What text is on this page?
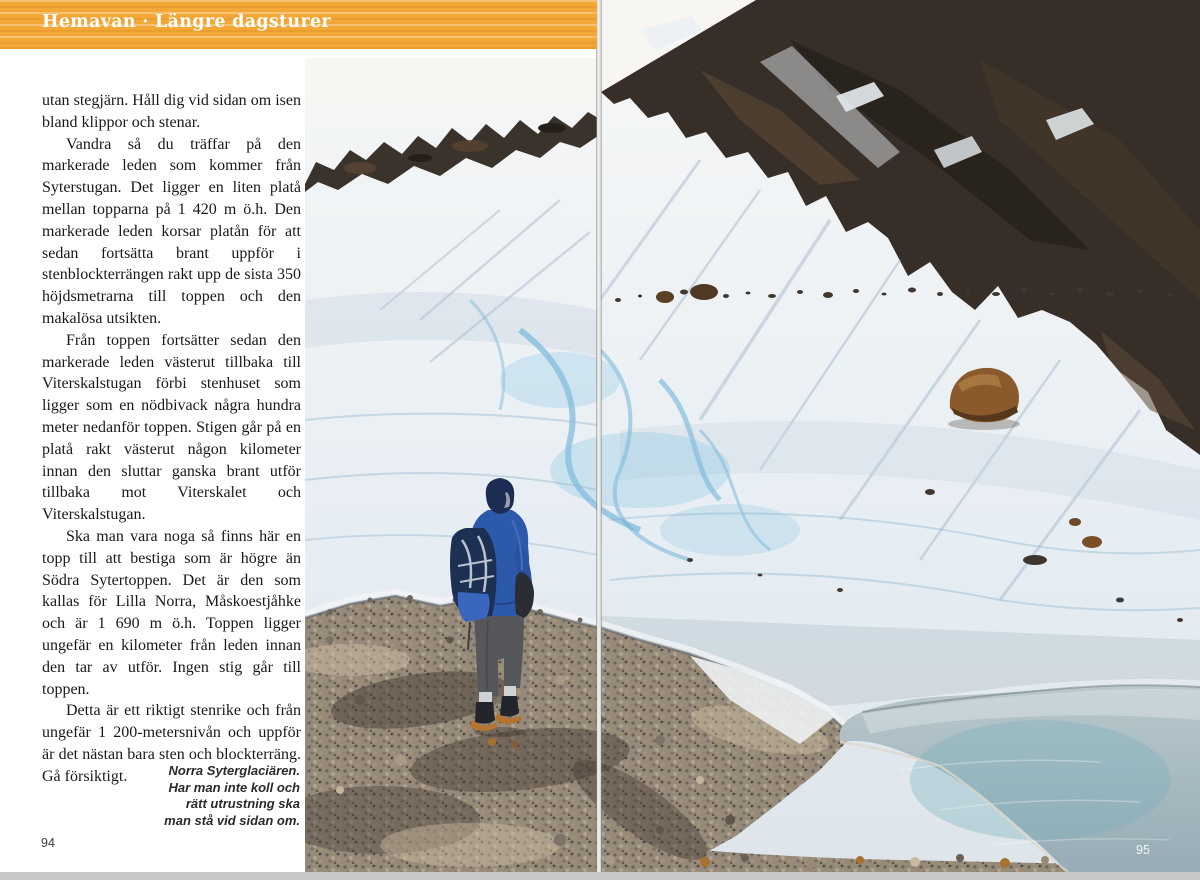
Hemavan · Längre dagsturer

utan stegjärn. Håll dig vid sidan om isen bland klippor och stenar.

Vandra så du träffar på den markerade leden som kommer från Syterstugan. Det ligger en liten platå mellan topparna på 1 420 m ö.h. Den markerade leden korsar platån för att sedan fortsätta brant uppför i stenblockterrängen rakt upp de sista 350 höjdsmetrarna till toppen och den makalösa utsikten.

Från toppen fortsätter sedan den markerade leden västerut tillbaka till Viterskalstugan förbi stenhuset som ligger som en nödbivack några hundra meter nedanför toppen. Stigen går på en platå rakt västerut någon kilometer innan den sluttar ganska brant utför tillbaka mot Viterskalet och Viterskalstugan.

Ska man vara noga så finns här en topp till att bestiga som är högre än Södra Sytertoppen. Det är den som kallas för Lilla Norra, Måskoestjåhke och är 1 690 m ö.h. Toppen ligger ungefär en kilometer från leden innan den tar av utför. Ingen stig går till toppen.

Detta är ett riktigt stenrike och från ungefär 1 200-metersnivån och uppför är det nästan bara sten och blockterräng. Gå försiktigt.	Norra Syterglaciären.
Har man inte koll och
rätt utrustning ska
man stå vid sidan om.
94	95
